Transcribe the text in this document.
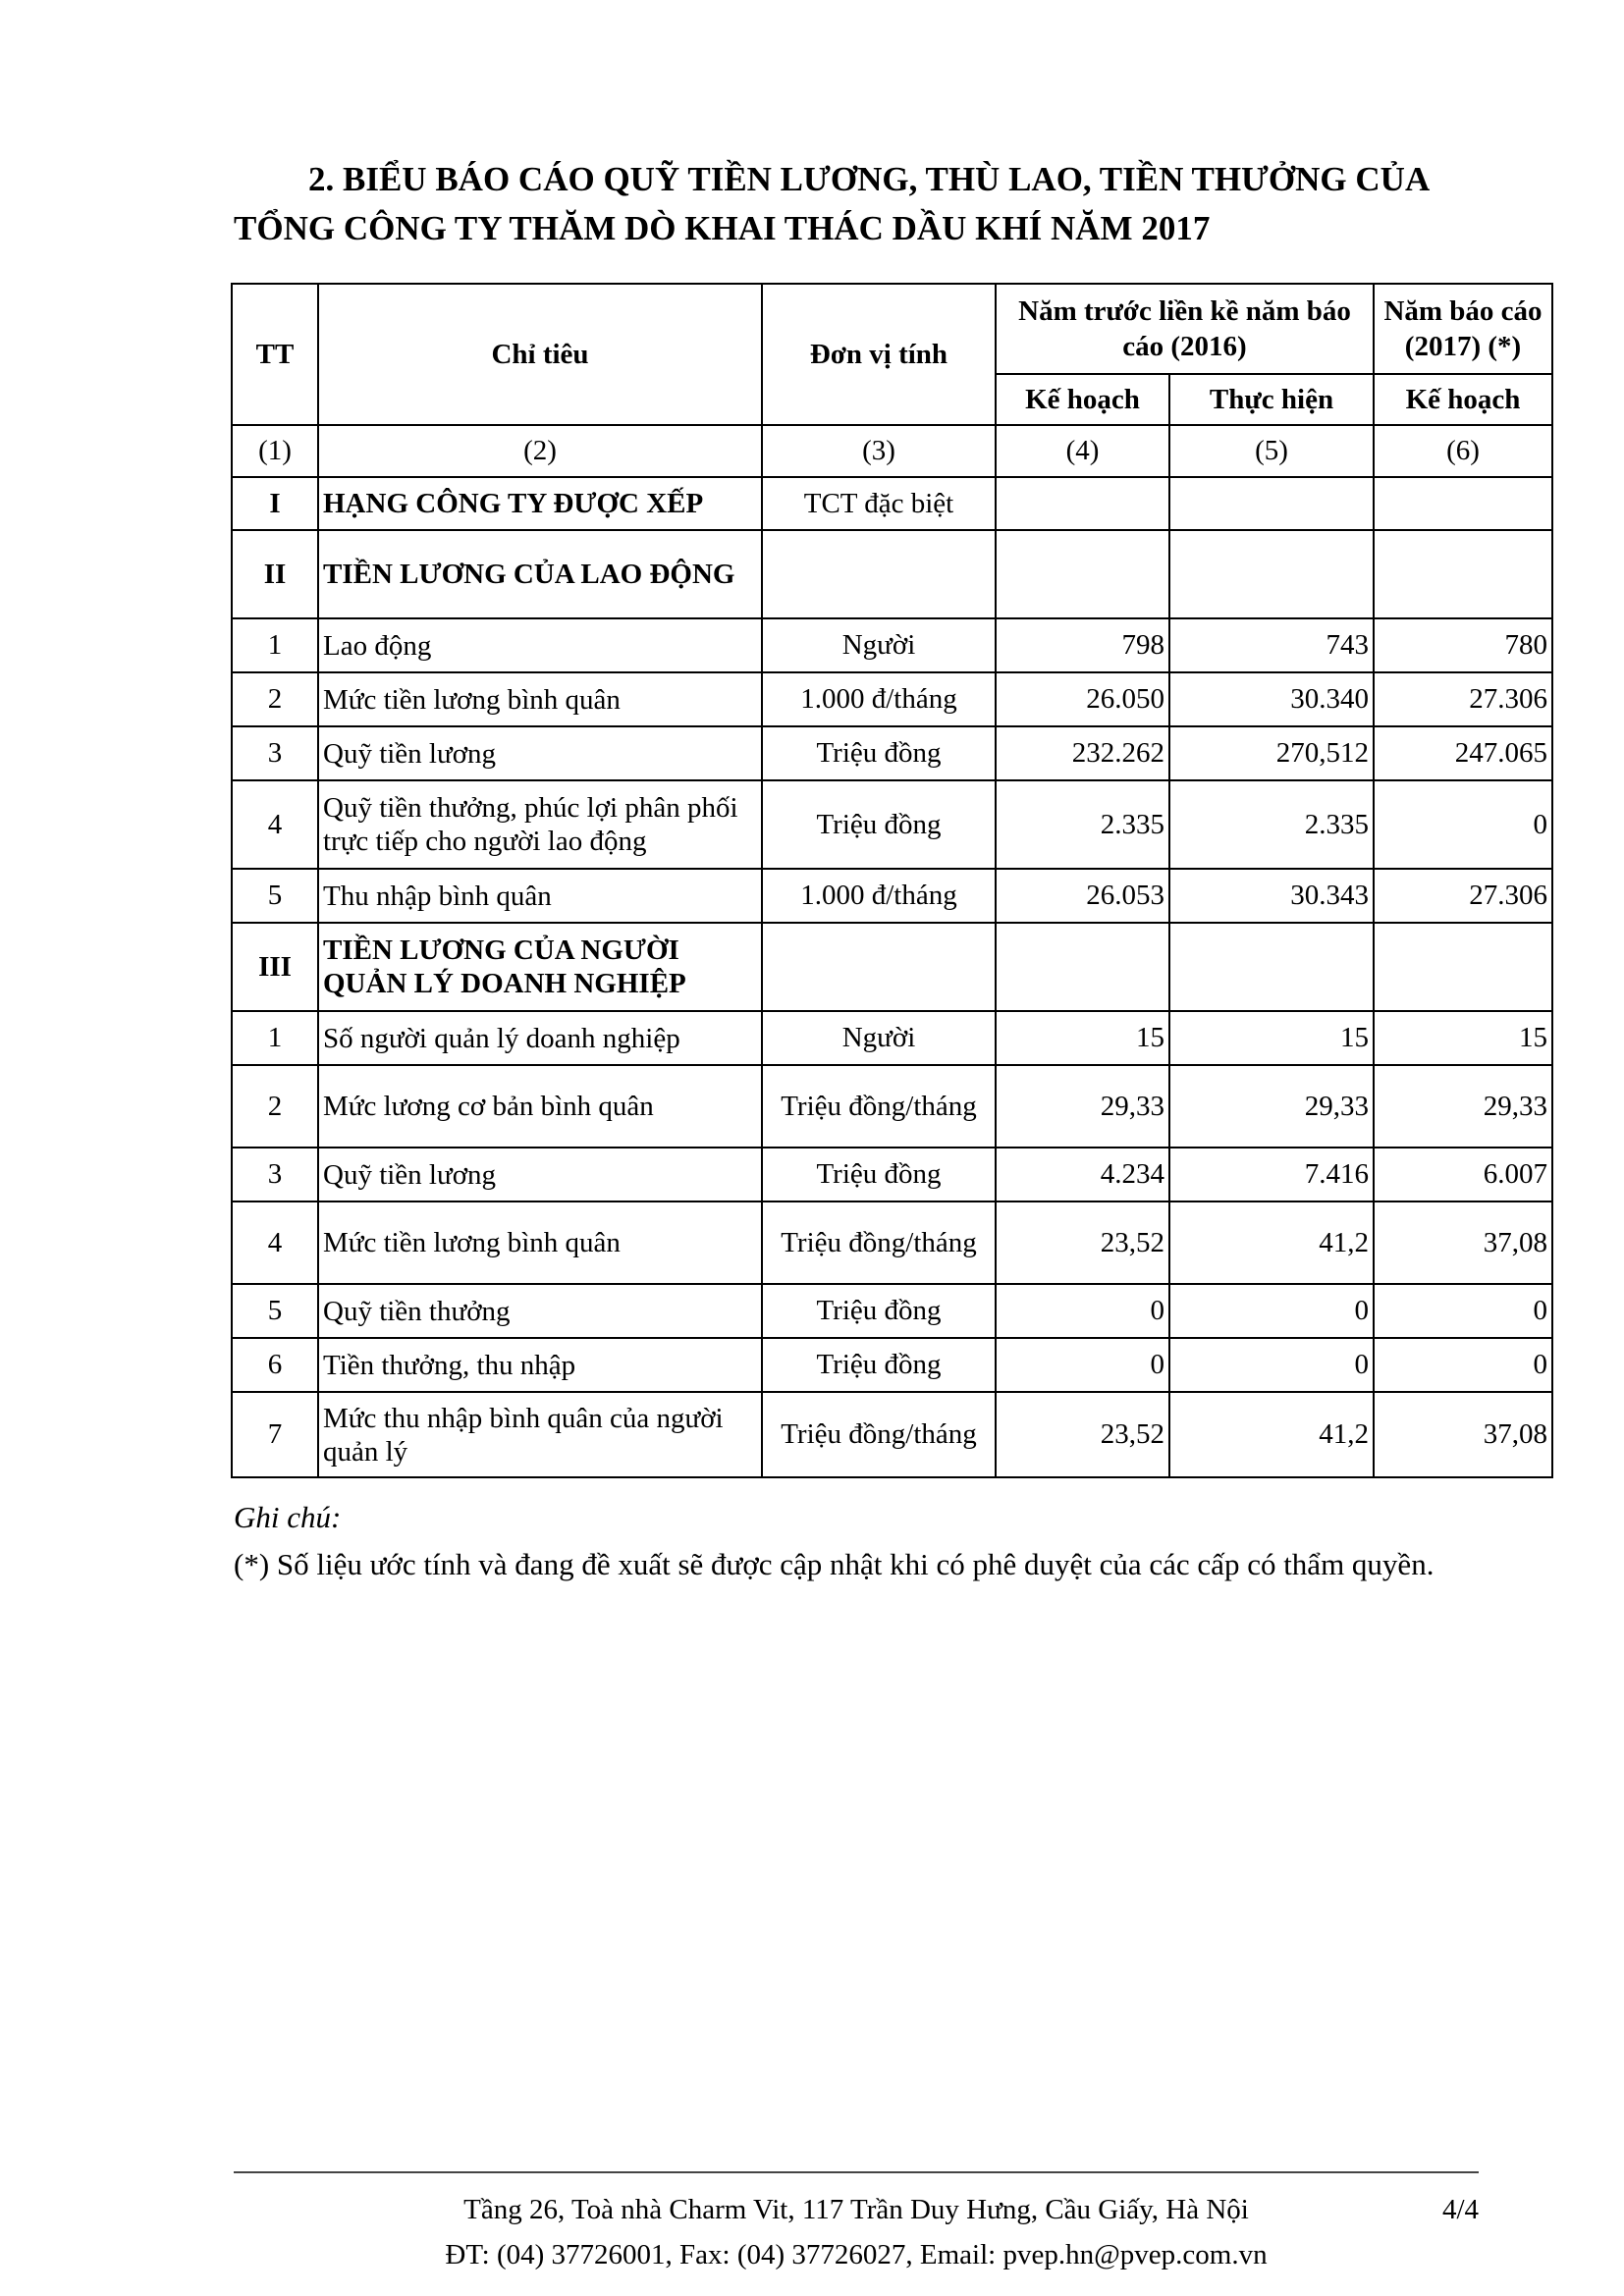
2. BIỂU BÁO CÁO QUỸ TIỀN LƯƠNG, THÙ LAO, TIỀN THƯỞNG CỦA
TỔNG CÔNG TY THĂM DÒ KHAI THÁC DẦU KHÍ NĂM 2017
TT	Chỉ tiêu	Đơn vị tính	Năm trước liền kề năm báo cáo (2016)		Năm báo cáo (2017) (*)
			Kế hoạch	Thực hiện	Kế hoạch
(1)	(2)	(3)	(4)	(5)	(6)
I	HẠNG CÔNG TY ĐƯỢC XẾP	TCT đặc biệt			
II	TIỀN LƯƠNG CỦA LAO ĐỘNG				
1	Lao động	Người	798	743	780
2	Mức tiền lương bình quân	1.000 đ/tháng	26.050	30.340	27.306
3	Quỹ tiền lương	Triệu đồng	232.262	270,512	247.065
4	Quỹ tiền thưởng, phúc lợi phân phối trực tiếp cho người lao động	Triệu đồng	2.335	2.335	0
5	Thu nhập bình quân	1.000 đ/tháng	26.053	30.343	27.306
III	TIỀN LƯƠNG CỦA NGƯỜI QUẢN LÝ DOANH NGHIỆP				
1	Số người quản lý doanh nghiệp	Người	15	15	15
2	Mức lương cơ bản bình quân	Triệu đồng/tháng	29,33	29,33	29,33
3	Quỹ tiền lương	Triệu đồng	4.234	7.416	6.007
4	Mức tiền lương bình quân	Triệu đồng/tháng	23,52	41,2	37,08
5	Quỹ tiền thưởng	Triệu đồng	0	0	0
6	Tiền thưởng, thu nhập	Triệu đồng	0	0	0
7	Mức thu nhập bình quân của người quản lý	Triệu đồng/tháng	23,52	41,2	37,08
Ghi chú:
(*) Số liệu ước tính và đang đề xuất sẽ được cập nhật khi có phê duyệt của các cấp có thẩm quyền.
Tầng 26, Toà nhà Charm Vit, 117 Trần Duy Hưng, Cầu Giấy, Hà Nội
ĐT: (04) 37726001, Fax: (04) 37726027, Email: pvep.hn@pvep.com.vn
4/4
